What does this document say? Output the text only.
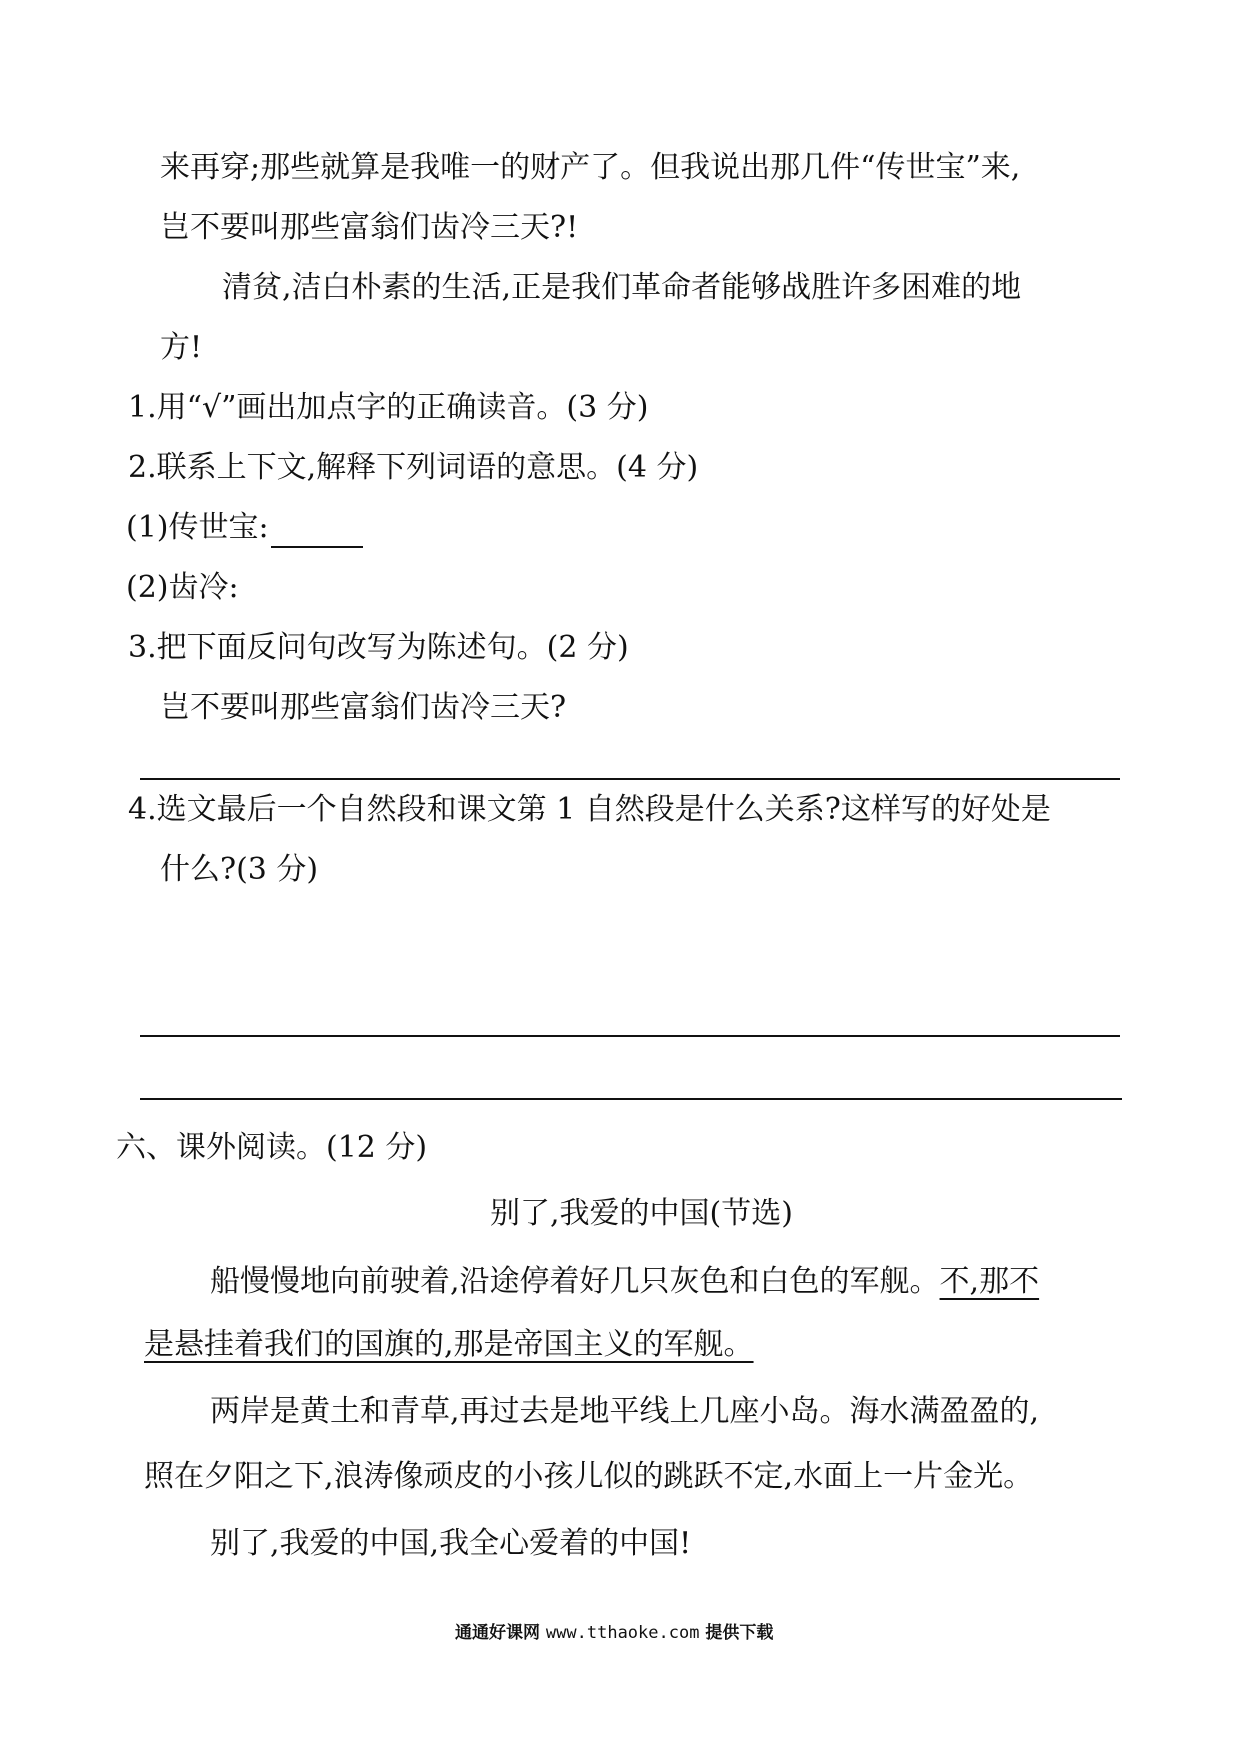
来再穿;那些就算是我唯一的财产了。但我说出那几件“传世宝”来,
岂不要叫那些富翁们齿冷三天?!
清贫,洁白朴素的生活,正是我们革命者能够战胜许多困难的地
方!
1.用“√”画出加点字的正确读音。(3 分)
2.联系上下文,解释下列词语的意思。(4 分)
(1)传世宝:
(2)齿冷:
3.把下面反问句改写为陈述句。(2 分)
岂不要叫那些富翁们齿冷三天?
4.选文最后一个自然段和课文第 1 自然段是什么关系?这样写的好处是
什么?(3 分)
六、课外阅读。(12 分)
别了,我爱的中国(节选)
船慢慢地向前驶着,沿途停着好几只灰色和白色的军舰。不,那不
是悬挂着我们的国旗的,那是帝国主义的军舰。
两岸是黄土和青草,再过去是地平线上几座小岛。海水满盈盈的,
照在夕阳之下,浪涛像顽皮的小孩儿似的跳跃不定,水面上一片金光。
别了,我爱的中国,我全心爱着的中国!
通通好课网 www.tthaoke.com 提供下载
